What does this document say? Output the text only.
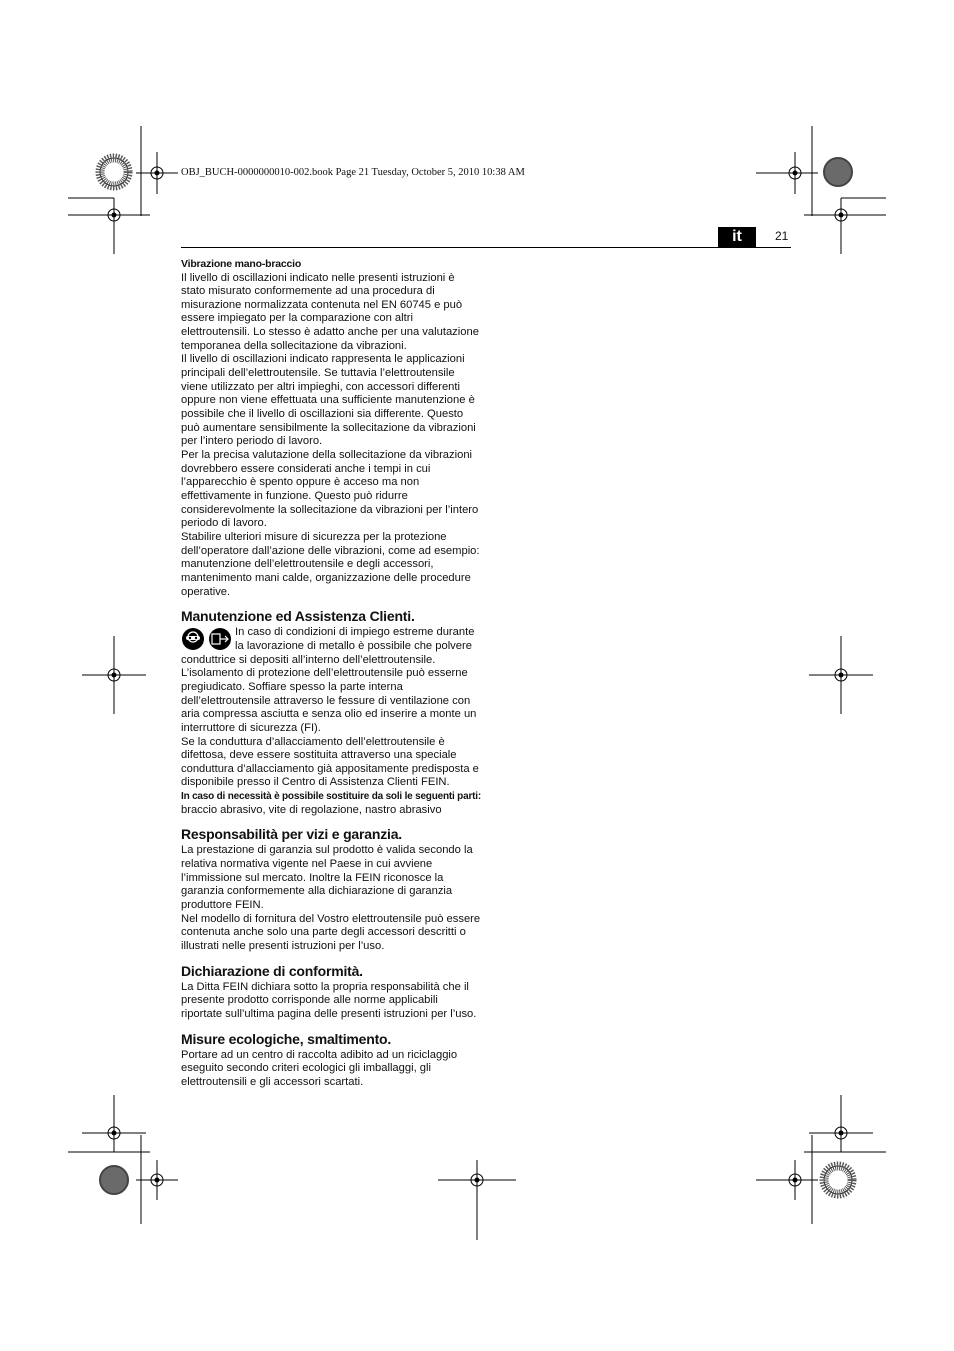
OBJ_BUCH-0000000010-002.book Page 21 Tuesday, October 5, 2010 10:38 AM
it	21

Vibrazione mano-braccio

Il livello di oscillazioni indicato nelle presenti istruzioni è stato misurato conformemente ad una procedura di misurazione normalizzata contenuta nel EN 60745 e può essere impiegato per la comparazione con altri elettroutensili. Lo stesso è adatto anche per una valutazione temporanea della sollecitazione da vibrazioni.

Il livello di oscillazioni indicato rappresenta le applicazioni principali dell’elettroutensile. Se tuttavia l’elettroutensile viene utilizzato per altri impieghi, con accessori differenti oppure non viene effettuata una sufficiente manutenzione è possibile che il livello di oscillazioni sia differente. Questo può aumentare sensibilmente la sollecitazione da vibrazioni per l’intero periodo di lavoro.

Per la precisa valutazione della sollecitazione da vibrazioni dovrebbero essere considerati anche i tempi in cui l’apparecchio è spento oppure è acceso ma non effettivamente in funzione. Questo può ridurre considerevolmente la sollecitazione da vibrazioni per l’intero periodo di lavoro.

Stabilire ulteriori misure di sicurezza per la protezione dell’operatore dall’azione delle vibrazioni, come ad esempio: manutenzione dell’elettroutensile e degli accessori, mantenimento mani calde, organizzazione delle procedure operative.

Manutenzione ed Assistenza Clienti.

In caso di condizioni di impiego estreme durante la lavorazione di metallo è possibile che polvere conduttrice si depositi all’interno dell’elettroutensile. L’isolamento di protezione dell’elettroutensile può esserne pregiudicato. Soffiare spesso la parte interna dell’elettroutensile attraverso le fessure di ventilazione con aria compressa asciutta e senza olio ed inserire a monte un interruttore di sicurezza (FI).

Se la conduttura d’allacciamento dell’elettroutensile è difettosa, deve essere sostituita attraverso una speciale conduttura d’allacciamento già appositamente predisposta e disponibile presso il Centro di Assistenza Clienti FEIN.

In caso di necessità è possibile sostituire da soli le seguenti parti:

braccio abrasivo, vite di regolazione, nastro abrasivo

Responsabilità per vizi e garanzia.

La prestazione di garanzia sul prodotto è valida secondo la relativa normativa vigente nel Paese in cui avviene l’immissione sul mercato. Inoltre la FEIN riconosce la garanzia conformemente alla dichiarazione di garanzia produttore FEIN.

Nel modello di fornitura del Vostro elettroutensile può essere contenuta anche solo una parte degli accessori descritti o illustrati nelle presenti istruzioni per l’uso.

Dichiarazione di conformità.

La Ditta FEIN dichiara sotto la propria responsabilità che il presente prodotto corrisponde alle norme applicabili riportate sull’ultima pagina delle presenti istruzioni per l’uso.

Misure ecologiche, smaltimento.

Portare ad un centro di raccolta adibito ad un riciclaggio eseguito secondo criteri ecologici gli imballaggi, gli elettroutensili e gli accessori scartati.
